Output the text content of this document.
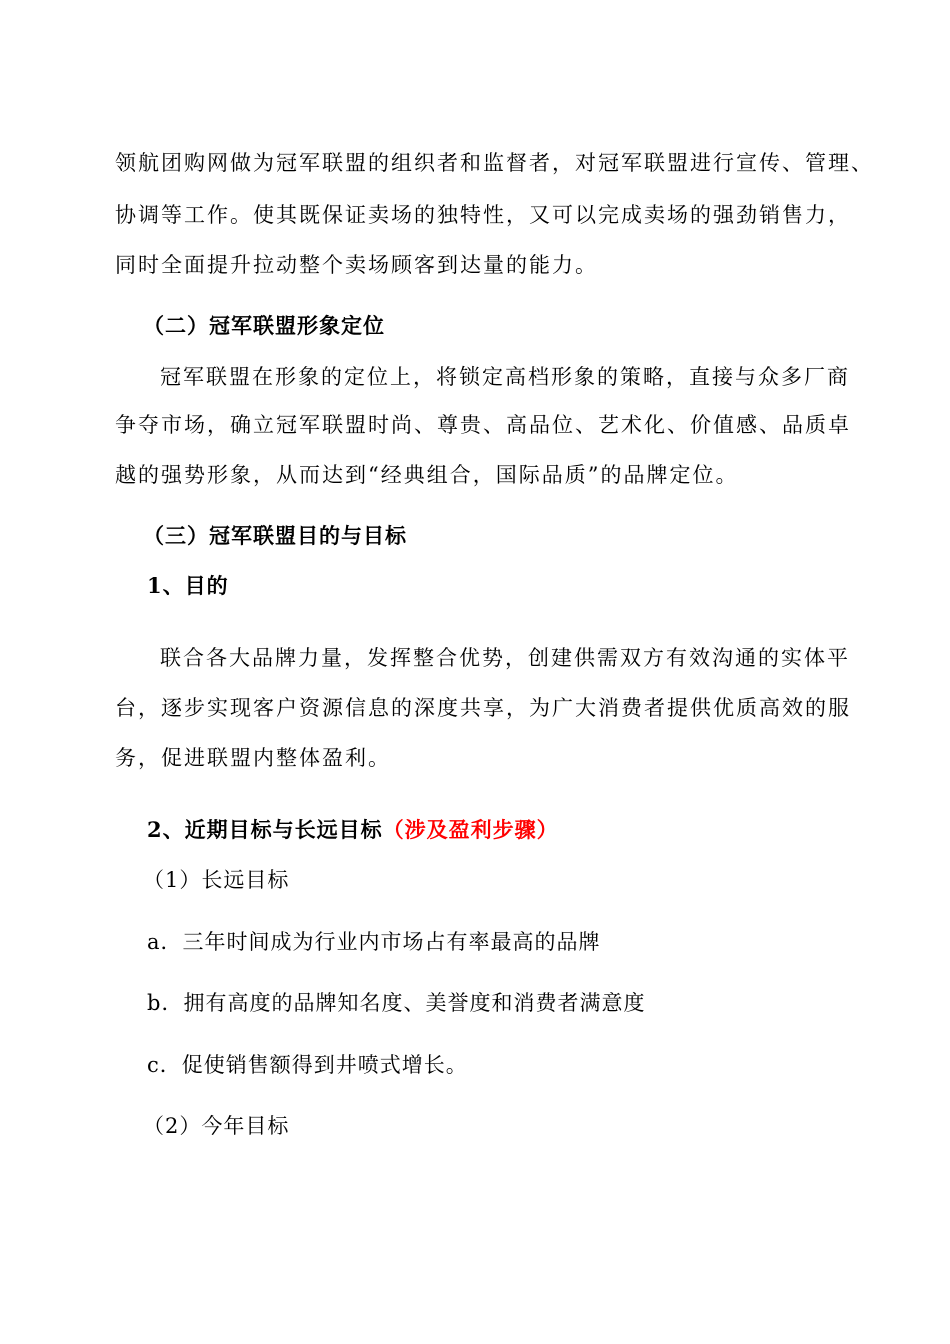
领航团购网做为冠军联盟的组织者和监督者，对冠军联盟进行宣传、管理、
协调等工作。使其既保证卖场的独特性，又可以完成卖场的强劲销售力，
同时全面提升拉动整个卖场顾客到达量的能力。
（二）冠军联盟形象定位
冠军联盟在形象的定位上，将锁定高档形象的策略，直接与众多厂商
争夺市场，确立冠军联盟时尚、尊贵、高品位、艺术化、价值感、品质卓
越的强势形象，从而达到“经典组合，国际品质”的品牌定位。
（三）冠军联盟目的与目标
1、目的
联合各大品牌力量，发挥整合优势，创建供需双方有效沟通的实体平
台，逐步实现客户资源信息的深度共享，为广大消费者提供优质高效的服
务，促进联盟内整体盈利。
2、近期目标与长远目标（涉及盈利步骤）
（1）长远目标
a．三年时间成为行业内市场占有率最高的品牌
b．拥有高度的品牌知名度、美誉度和消费者满意度
c．促使销售额得到井喷式增长。
（2）今年目标
